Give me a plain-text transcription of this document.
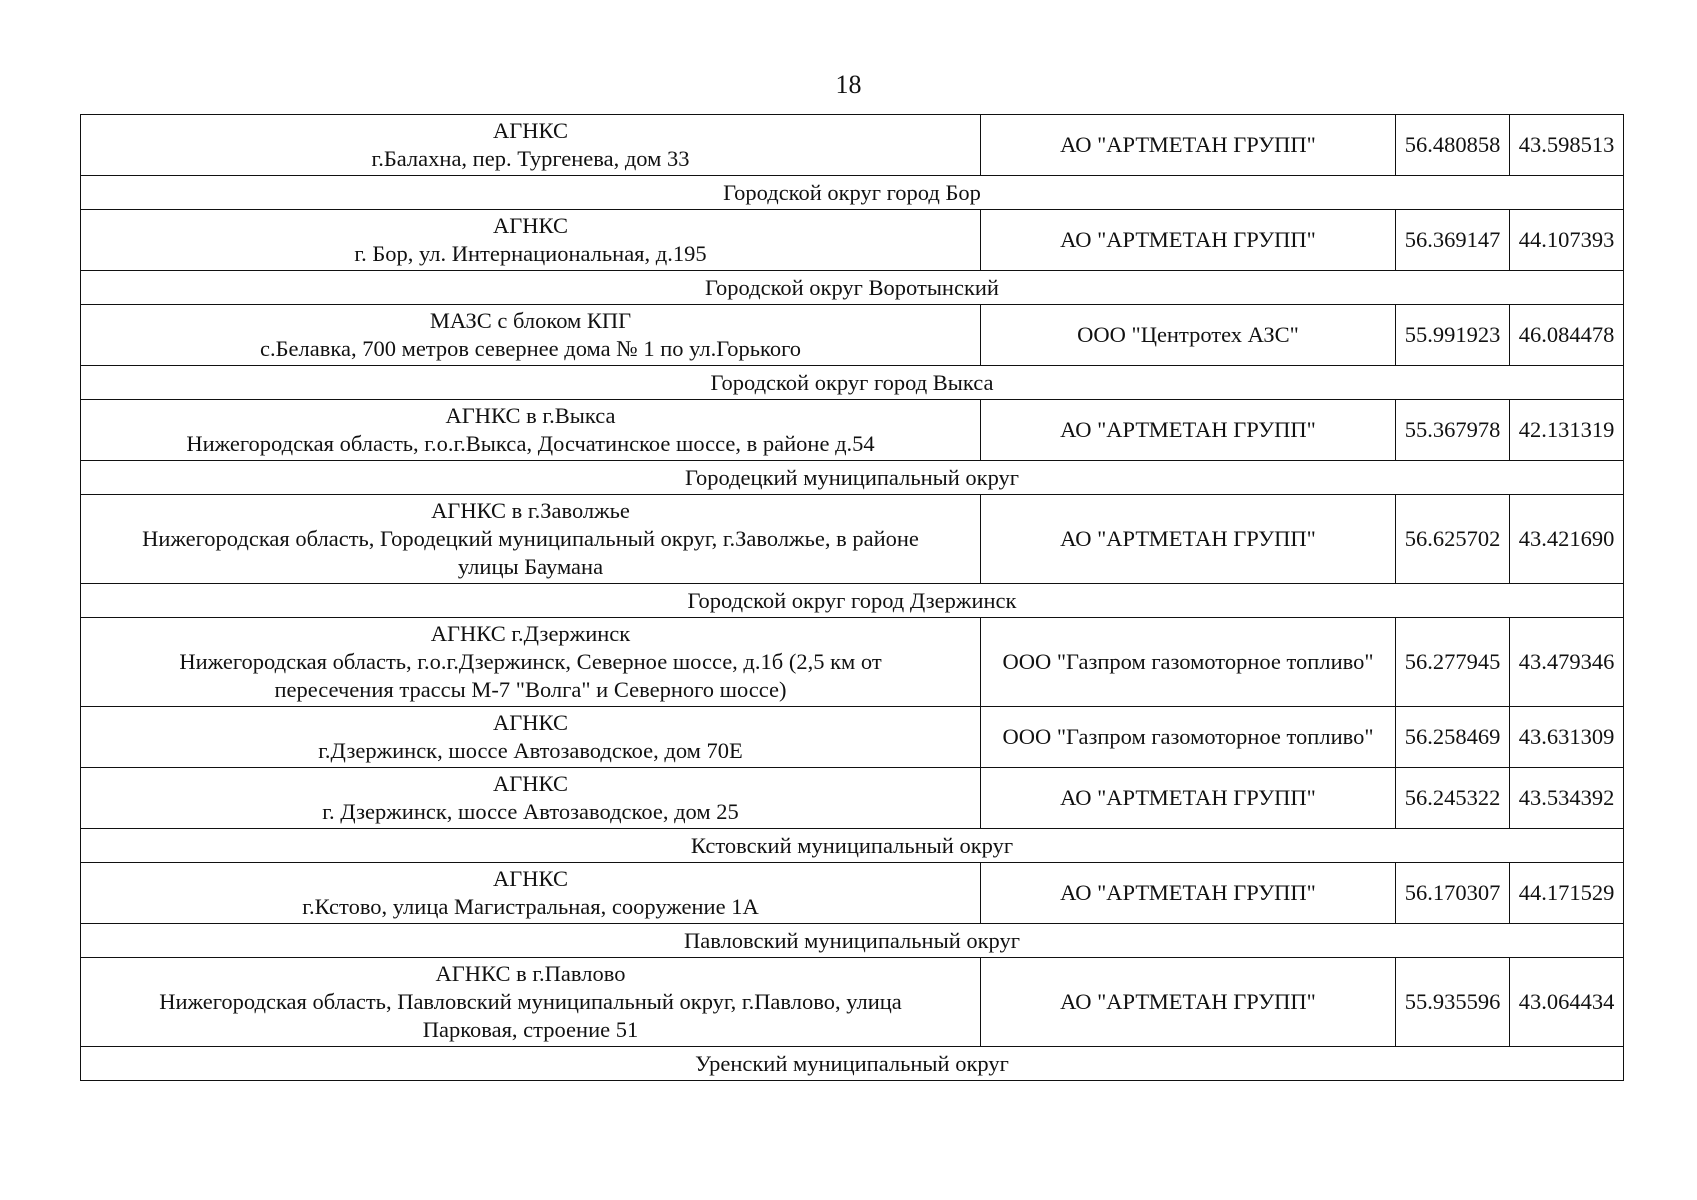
18
АГНКС
г.Балахна, пер. Тургенева, дом 33	АО "АРТМЕТАН ГРУПП"	56.480858	43.598513
Городской округ город Бор			

АГНКС
г. Бор, ул. Интернациональная, д.195	АО "АРТМЕТАН ГРУПП"	56.369147	44.107393
Городской округ Воротынский			

МАЗС с блоком КПГ
с.Белавка, 700 метров севернее дома № 1 по ул.Горького	ООО "Центротех АЗС"	55.991923	46.084478
Городской округ город Выкса			

АГНКС в г.Выкса
Нижегородская область, г.о.г.Выкса, Досчатинское шоссе, в районе д.54	АО "АРТМЕТАН ГРУПП"	55.367978	42.131319
Городецкий муниципальный округ			

АГНКС в г.Заволжье
Нижегородская область, Городецкий муниципальный округ, г.Заволжье, в районе
улицы Баумана	АО "АРТМЕТАН ГРУПП"	56.625702	43.421690
Городской округ город Дзержинск			

АГНКС г.Дзержинск
Нижегородская область, г.о.г.Дзержинск, Северное шоссе, д.1б (2,5 км от
пересечения трассы М-7 "Волга" и Северного шоссе)	ООО "Газпром газомоторное топливо"	56.277945	43.479346

АГНКС
г.Дзержинск, шоссе Автозаводское, дом 70Е	ООО "Газпром газомоторное топливо"	56.258469	43.631309

АГНКС
г. Дзержинск, шоссе Автозаводское, дом 25	АО "АРТМЕТАН ГРУПП"	56.245322	43.534392
Кстовский муниципальный округ			

АГНКС
г.Кстово, улица Магистральная, сооружение 1А	АО "АРТМЕТАН ГРУПП"	56.170307	44.171529
Павловский муниципальный округ			

АГНКС в г.Павлово
Нижегородская область, Павловский муниципальный округ, г.Павлово, улица
Парковая, строение 51	АО "АРТМЕТАН ГРУПП"	55.935596	43.064434
Уренский муниципальный округ			
